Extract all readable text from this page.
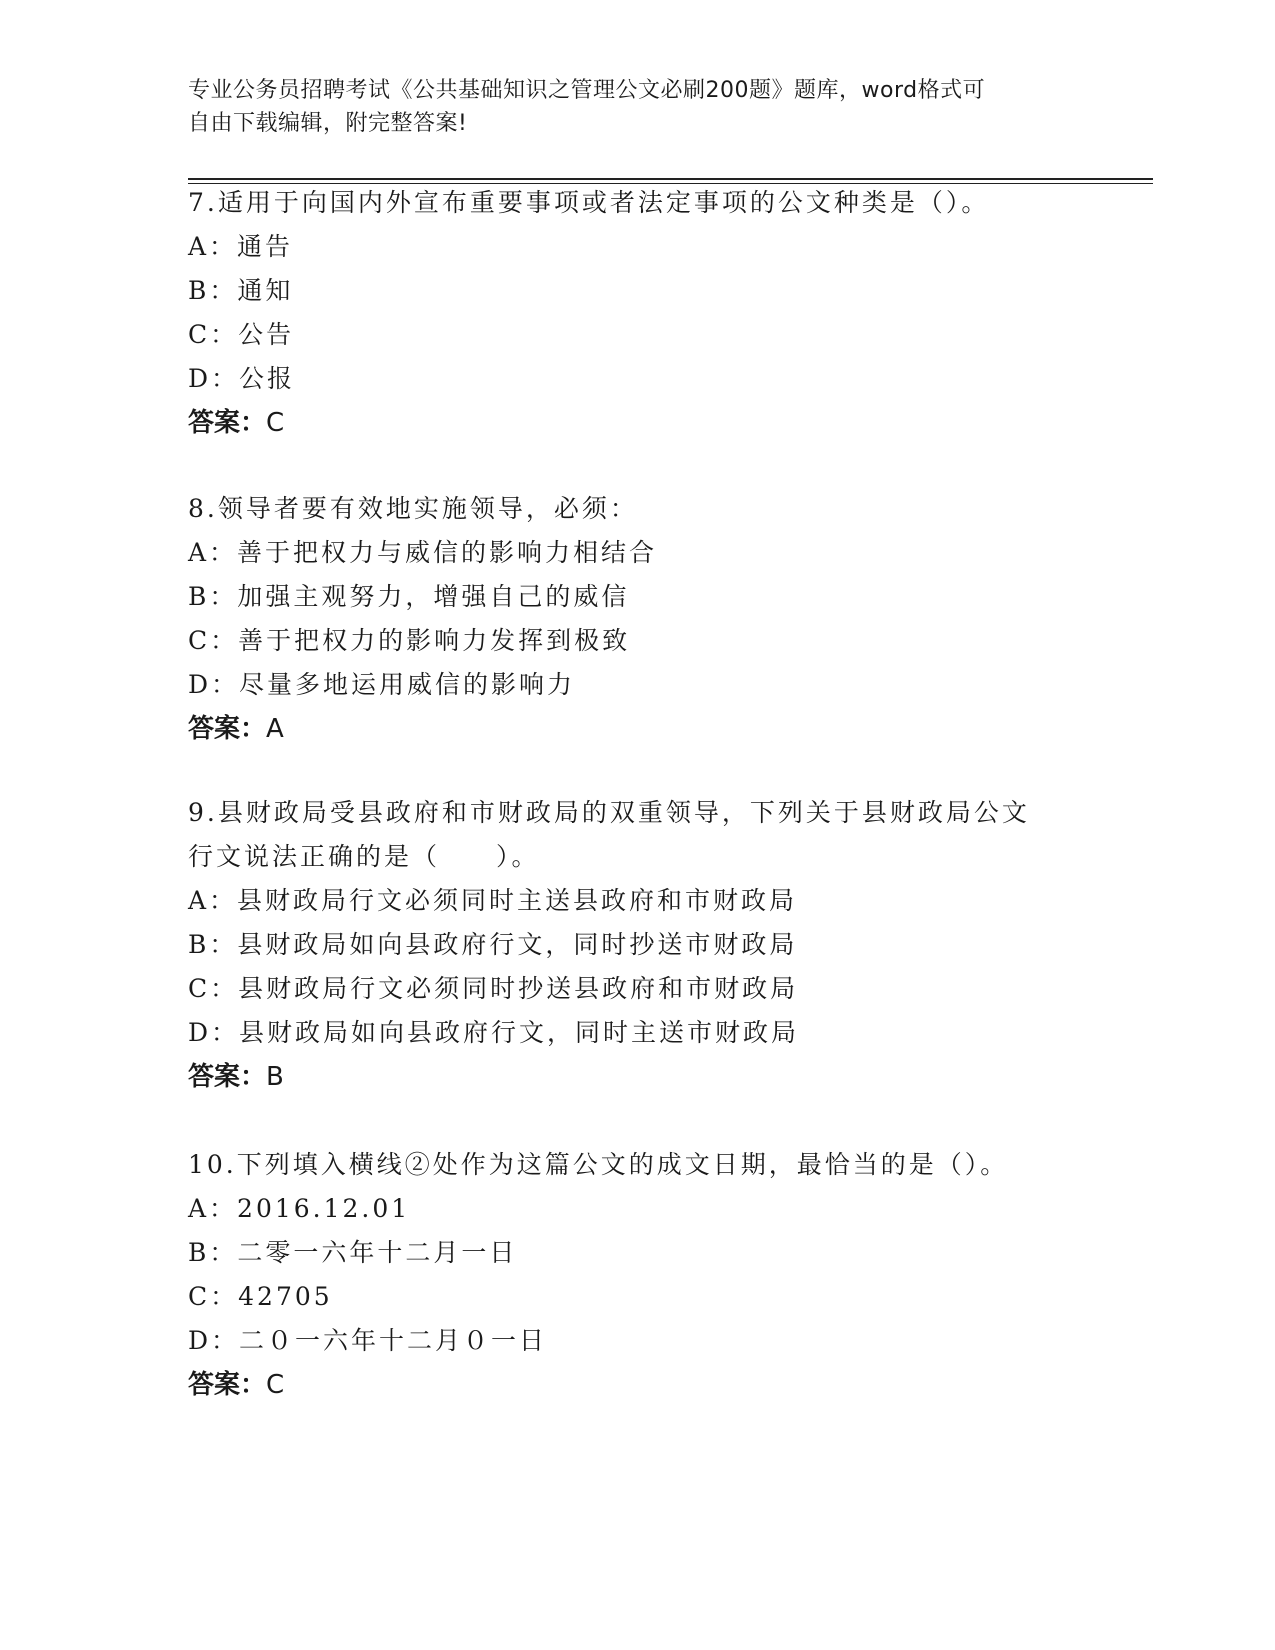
专业公务员招聘考试《公共基础知识之管理公文必刷200题》题库，word格式可
自由下载编辑，附完整答案!
7.适用于向国内外宣布重要事项或者法定事项的公文种类是（）。
A：通告
B：通知
C：公告
D：公报
答案：C
8.领导者要有效地实施领导，必须：
A：善于把权力与威信的影响力相结合
B：加强主观努力，增强自己的威信
C：善于把权力的影响力发挥到极致
D：尽量多地运用威信的影响力
答案：A
9.县财政局受县政府和市财政局的双重领导，下列关于县财政局公文
行文说法正确的是（　　）。
A：县财政局行文必须同时主送县政府和市财政局
B：县财政局如向县政府行文，同时抄送市财政局
C：县财政局行文必须同时抄送县政府和市财政局
D：县财政局如向县政府行文，同时主送市财政局
答案：B
10.下列填入横线②处作为这篇公文的成文日期，最恰当的是（）。
A：2016.12.01
B：二零一六年十二月一日
C：42705
D：二０一六年十二月０一日
答案：C
